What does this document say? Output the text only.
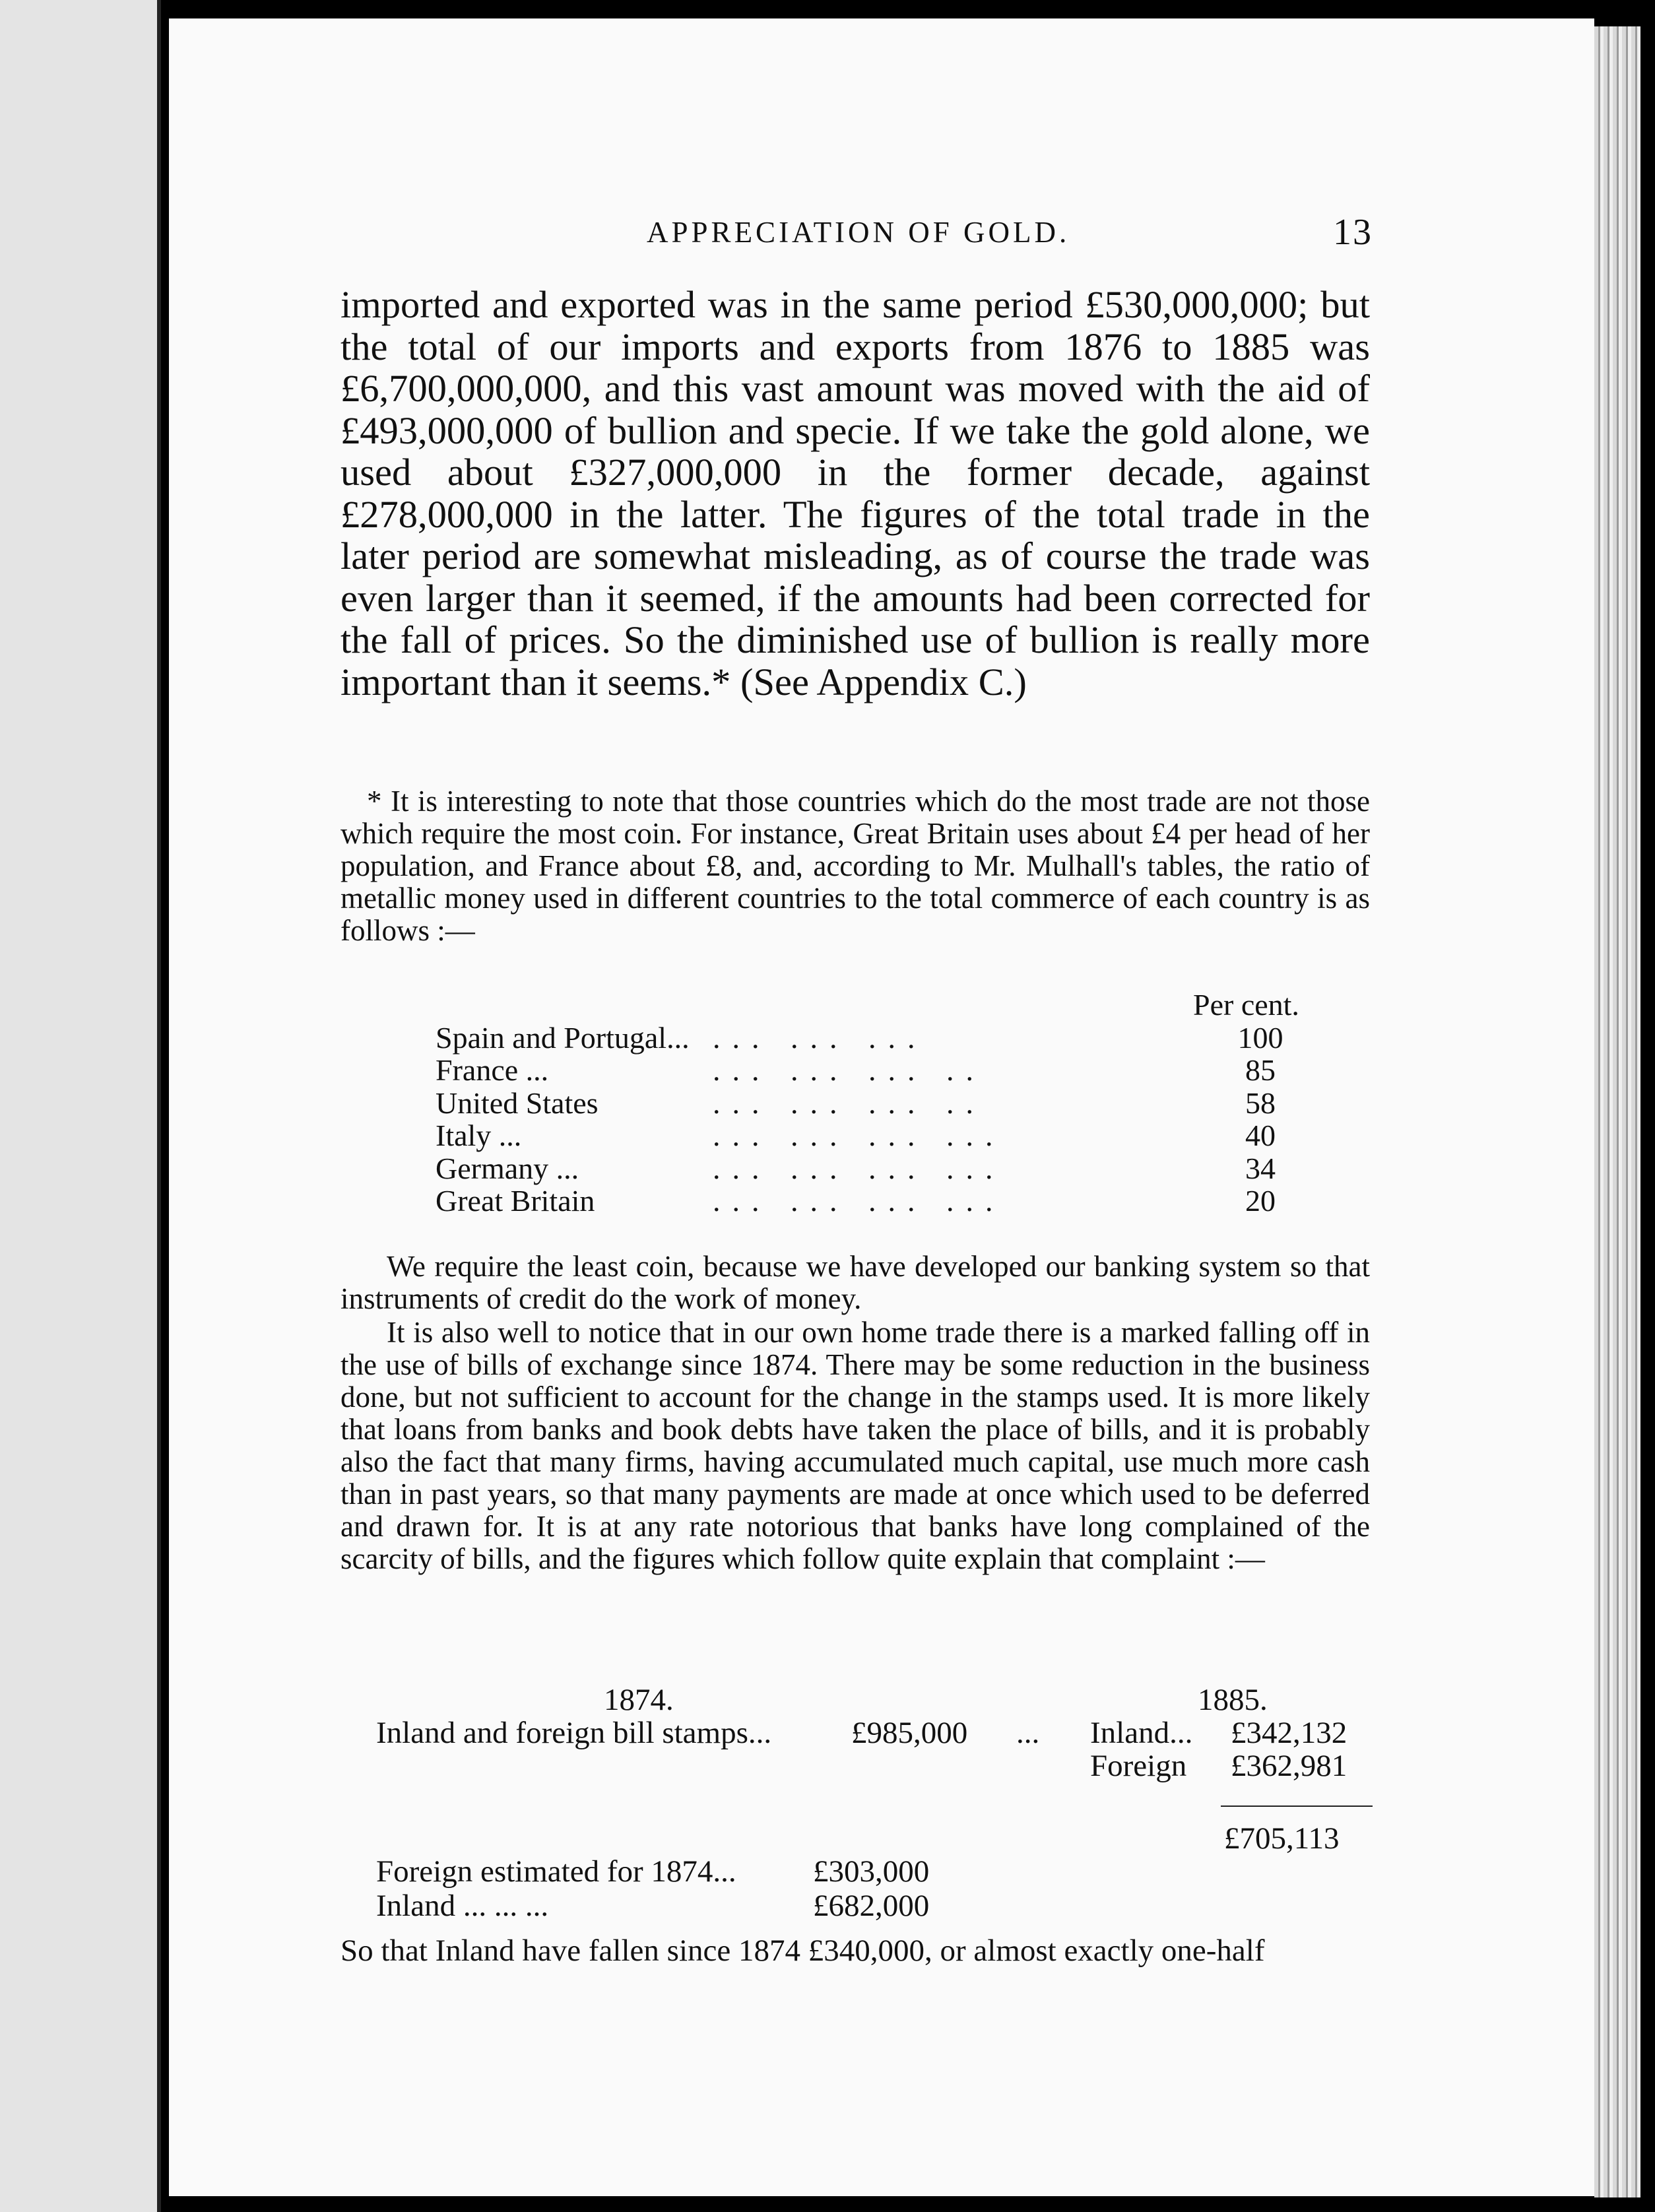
APPRECIATION OF GOLD.	13

imported and exported was in the same period £530,000,000; but the total of our imports and exports from 1876 to 1885 was £6,700,000,000, and this vast amount was moved with the aid of £493,000,000 of bullion and specie. If we take the gold alone, we used about £327,000,000 in the former decade, against £278,000,000 in the latter. The figures of the total trade in the later period are somewhat misleading, as of course the trade was even larger than it seemed, if the amounts had been corrected for the fall of prices. So the diminished use of bullion is really more important than it seems.* (See Appendix C.)

* It is interesting to note that those countries which do the most trade are not those which require the most coin. For instance, Great Britain uses about £4 per head of her population, and France about £8, and, according to Mr. Mulhall's tables, the ratio of metallic money used in different countries to the total commerce of each country is as follows :—

Per cent.
Spain and Portugal... ... ... ...	100
France ...	... ... ... ..	85
United States	... ... ... ..	58
Italy ...	... ... ... ...	40
Germany ...	... ... ... ...	34
Great Britain	... ... ... ...	20

We require the least coin, because we have developed our banking system so that instruments of credit do the work of money.

It is also well to notice that in our own home trade there is a marked falling off in the use of bills of exchange since 1874. There may be some reduction in the business done, but not sufficient to account for the change in the stamps used. It is more likely that loans from banks and book debts have taken the place of bills, and it is probably also the fact that many firms, having accumulated much capital, use much more cash than in past years, so that many payments are made at once which used to be deferred and drawn for. It is at any rate notorious that banks have long complained of the scarcity of bills, and the figures which follow quite explain that complaint :—

1874.	1885.
Inland and foreign bill stamps...	£985,000 ... Inland... £342,132
Foreign £362,981
£705,113
Foreign estimated for 1874... £303,000
Inland ... ... ...	£682,000

So that Inland have fallen since 1874 £340,000, or almost exactly one-half
